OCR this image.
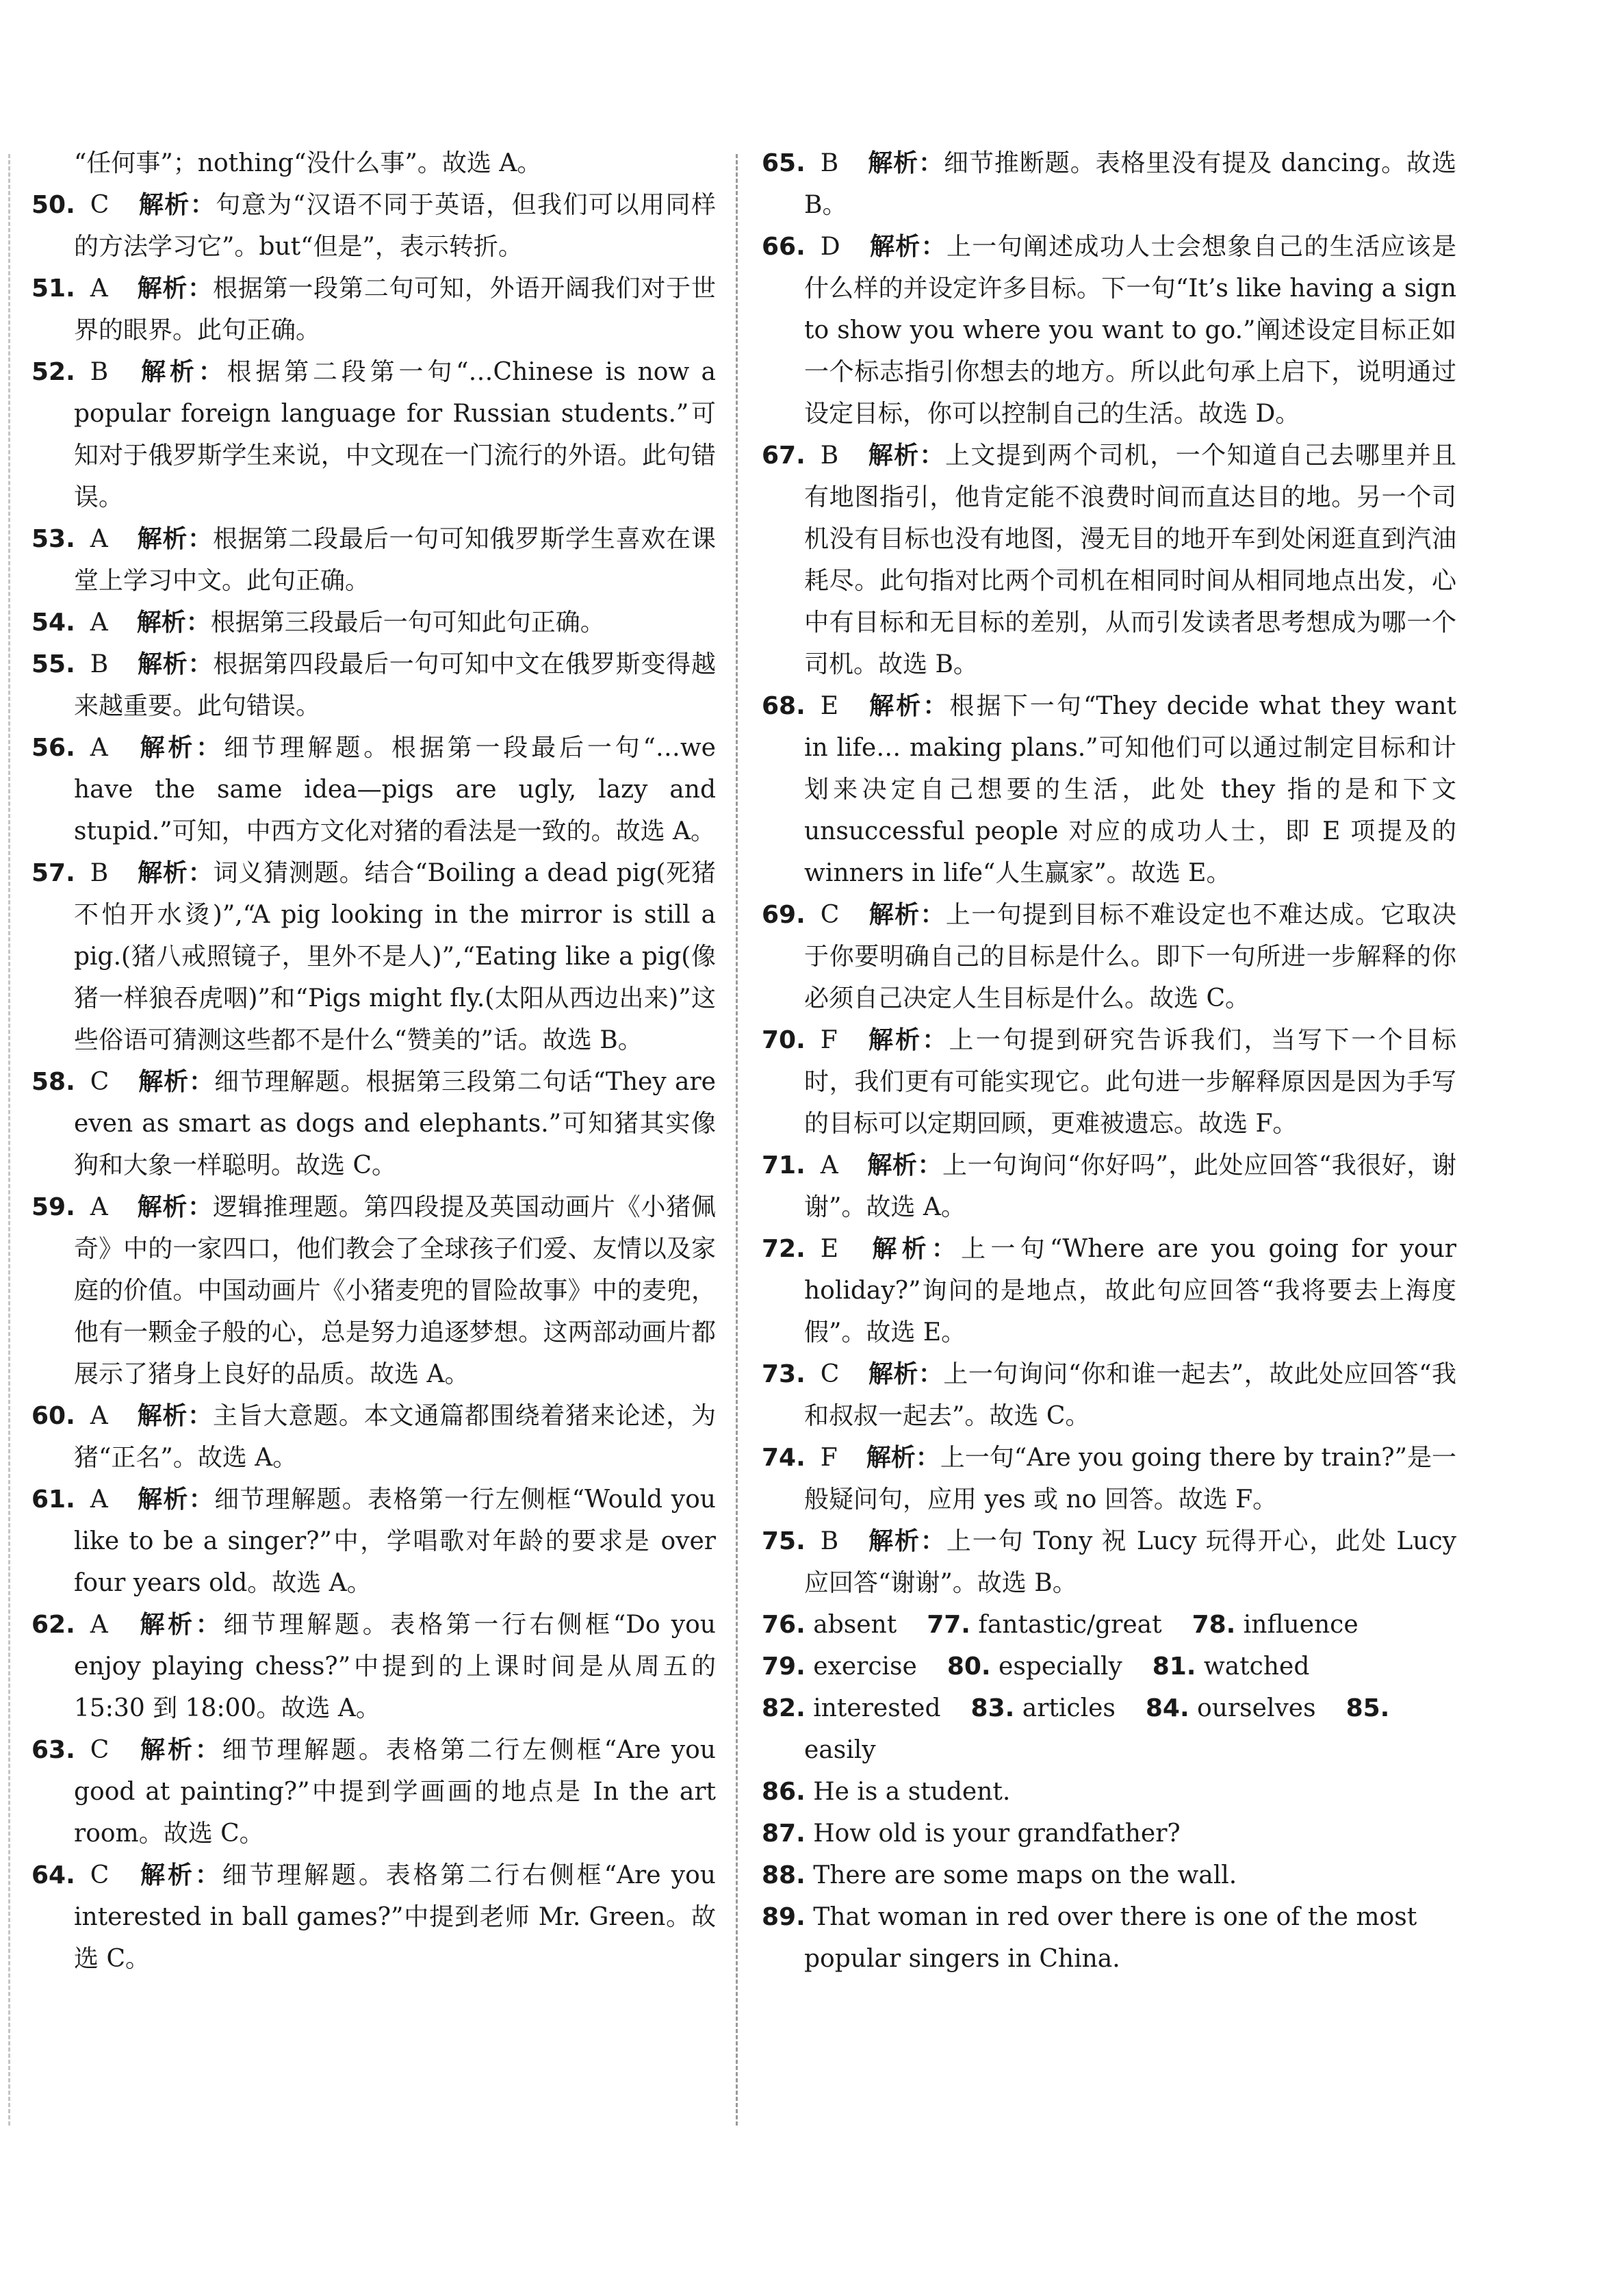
“任何事”；nothing“没什么事”。故选 A。

50. C 解析：句意为“汉语不同于英语，但我们可以用同样的方法学习它”。but“但是”，表示转折。

51. A 解析：根据第一段第二句可知，外语开阔我们对于世界的眼界。此句正确。

52. B 解析：根据第二段第一句“…Chinese is now a popular foreign language for Russian students.”可知对于俄罗斯学生来说，中文现在一门流行的外语。此句错误。

53. A 解析：根据第二段最后一句可知俄罗斯学生喜欢在课堂上学习中文。此句正确。

54. A 解析：根据第三段最后一句可知此句正确。

55. B 解析：根据第四段最后一句可知中文在俄罗斯变得越来越重要。此句错误。

56. A 解析：细节理解题。根据第一段最后一句“…we have the same idea—pigs are ugly, lazy and stupid.”可知，中西方文化对猪的看法是一致的。故选 A。

57. B 解析：词义猜测题。结合“Boiling a dead pig(死猪不怕开水烫)”,“A pig looking in the mirror is still a pig.(猪八戒照镜子，里外不是人)”,“Eating like a pig(像猪一样狼吞虎咽)”和“Pigs might fly.(太阳从西边出来)”这些俗语可猜测这些都不是什么“赞美的”话。故选 B。

58. C 解析：细节理解题。根据第三段第二句话“They are even as smart as dogs and elephants.”可知猪其实像狗和大象一样聪明。故选 C。

59. A 解析：逻辑推理题。第四段提及英国动画片《小猪佩奇》中的一家四口，他们教会了全球孩子们爱、友情以及家庭的价值。中国动画片《小猪麦兜的冒险故事》中的麦兜，他有一颗金子般的心，总是努力追逐梦想。这两部动画片都展示了猪身上良好的品质。故选 A。

60. A 解析：主旨大意题。本文通篇都围绕着猪来论述，为猪“正名”。故选 A。

61. A 解析：细节理解题。表格第一行左侧框“Would you like to be a singer?”中，学唱歌对年龄的要求是 over four years old。故选 A。

62. A 解析：细节理解题。表格第一行右侧框“Do you enjoy playing chess?”中提到的上课时间是从周五的 15:30 到 18:00。故选 A。

63. C 解析：细节理解题。表格第二行左侧框“Are you good at painting?”中提到学画画的地点是 In the art room。故选 C。

64. C 解析：细节理解题。表格第二行右侧框“Are you interested in ball games?”中提到老师 Mr. Green。故选 C。

65. B 解析：细节推断题。表格里没有提及 dancing。故选 B。

66. D 解析：上一句阐述成功人士会想象自己的生活应该是什么样的并设定许多目标。下一句“It’s like having a sign to show you where you want to go.”阐述设定目标正如一个标志指引你想去的地方。所以此句承上启下，说明通过设定目标，你可以控制自己的生活。故选 D。

67. B 解析：上文提到两个司机，一个知道自己去哪里并且有地图指引，他肯定能不浪费时间而直达目的地。另一个司机没有目标也没有地图，漫无目的地开车到处闲逛直到汽油耗尽。此句指对比两个司机在相同时间从相同地点出发，心中有目标和无目标的差别，从而引发读者思考想成为哪一个司机。故选 B。

68. E 解析：根据下一句“They decide what they want in life… making plans.”可知他们可以通过制定目标和计划来决定自己想要的生活，此处 they 指的是和下文 unsuccessful people 对应的成功人士，即 E 项提及的 winners in life“人生赢家”。故选 E。

69. C 解析：上一句提到目标不难设定也不难达成。它取决于你要明确自己的目标是什么。即下一句所进一步解释的你必须自己决定人生目标是什么。故选 C。

70. F 解析：上一句提到研究告诉我们，当写下一个目标时，我们更有可能实现它。此句进一步解释原因是因为手写的目标可以定期回顾，更难被遗忘。故选 F。

71. A 解析：上一句询问“你好吗”，此处应回答“我很好，谢谢”。故选 A。

72. E 解析：上一句“Where are you going for your holiday?”询问的是地点，故此句应回答“我将要去上海度假”。故选 E。

73. C 解析：上一句询问“你和谁一起去”，故此处应回答“我和叔叔一起去”。故选 C。

74. F 解析：上一句“Are you going there by train?”是一般疑问句，应用 yes 或 no 回答。故选 F。

75. B 解析：上一句 Tony 祝 Lucy 玩得开心，此处 Lucy 应回答“谢谢”。故选 B。

76. absent 77. fantastic/great 78. influence

79. exercise 80. especially 81. watched

82. interested 83. articles 84. ourselves 85. easily

86. He is a student.

87. How old is your grandfather?

88. There are some maps on the wall.

89. That woman in red over there is one of the most popular singers in China.
